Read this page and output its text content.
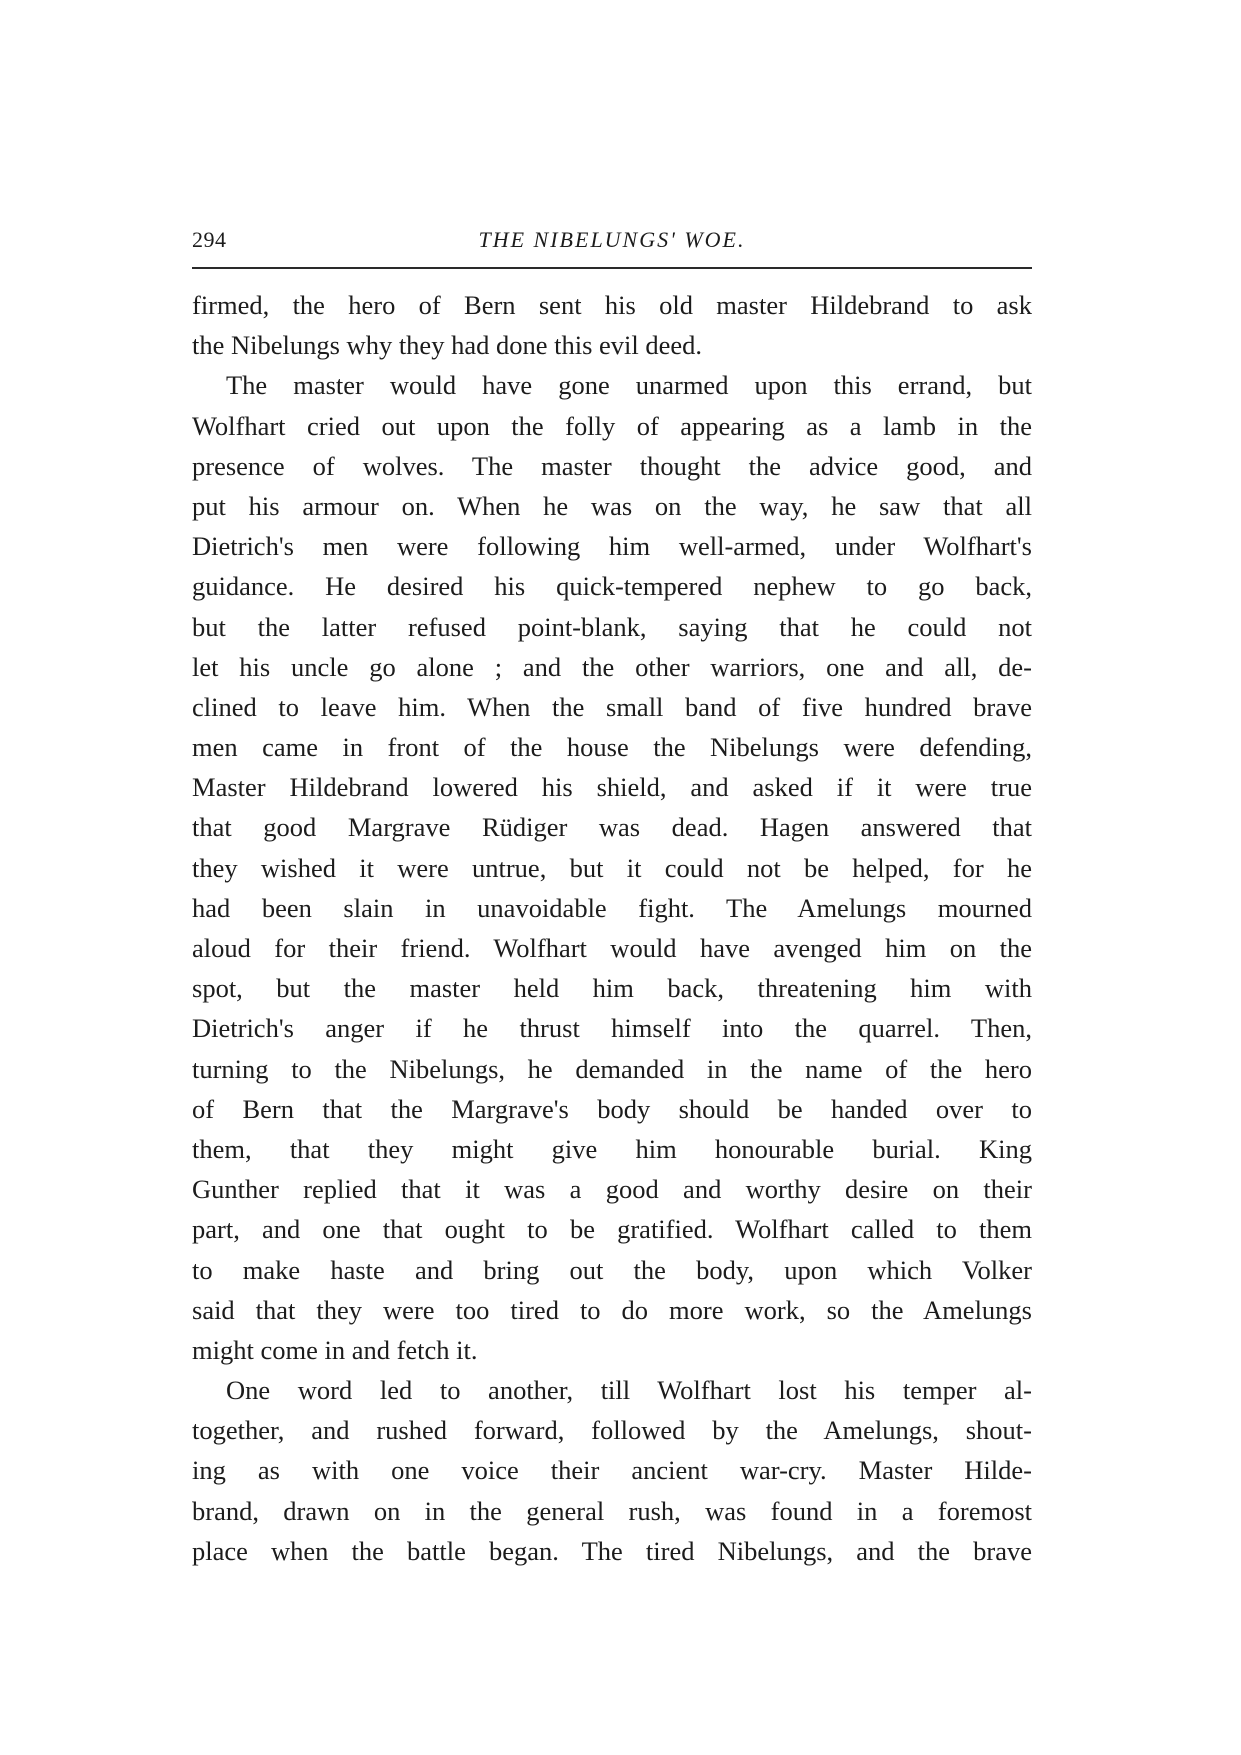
294	THE NIBELUNGS' WOE.
firmed, the hero of Bern sent his old master Hildebrand to ask
the Nibelungs why they had done this evil deed.
The master would have gone unarmed upon this errand, but
Wolfhart cried out upon the folly of appearing as a lamb in the
presence of wolves. The master thought the advice good, and
put his armour on. When he was on the way, he saw that all
Dietrich's men were following him well-armed, under Wolfhart's
guidance. He desired his quick-tempered nephew to go back,
but the latter refused point-blank, saying that he could not
let his uncle go alone ; and the other warriors, one and all, de-
clined to leave him. When the small band of five hundred brave
men came in front of the house the Nibelungs were defending,
Master Hildebrand lowered his shield, and asked if it were true
that good Margrave Rüdiger was dead. Hagen answered that
they wished it were untrue, but it could not be helped, for he
had been slain in unavoidable fight. The Amelungs mourned
aloud for their friend. Wolfhart would have avenged him on the
spot, but the master held him back, threatening him with
Dietrich's anger if he thrust himself into the quarrel. Then,
turning to the Nibelungs, he demanded in the name of the hero
of Bern that the Margrave's body should be handed over to
them, that they might give him honourable burial. King
Gunther replied that it was a good and worthy desire on their
part, and one that ought to be gratified. Wolfhart called to them
to make haste and bring out the body, upon which Volker
said that they were too tired to do more work, so the Amelungs
might come in and fetch it.
One word led to another, till Wolfhart lost his temper al-
together, and rushed forward, followed by the Amelungs, shout-
ing as with one voice their ancient war-cry. Master Hilde-
brand, drawn on in the general rush, was found in a foremost
place when the battle began. The tired Nibelungs, and the brave
